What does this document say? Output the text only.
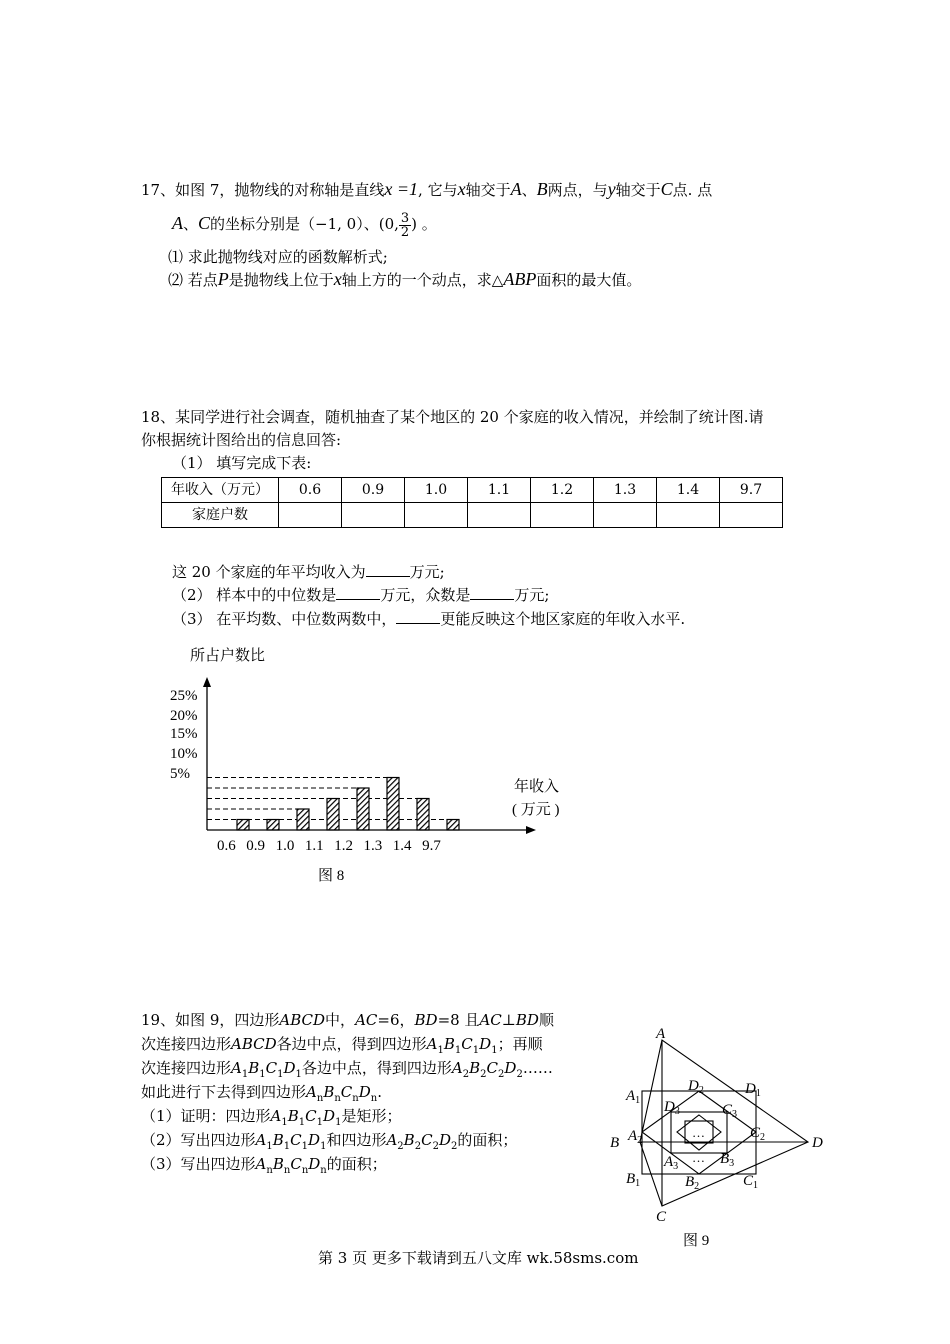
17、如图 7，抛物线的对称轴是直线x =1, 它与x轴交于A、B两点，与y轴交于C点. 点
A、C的坐标分别是（−1, 0）、(0, $\frac{3}{2}$ ) 。
⑴ 求此抛物线对应的函数解析式;
⑵ 若点P是抛物线上位于x轴上方的一个动点，求△ABP面积的最大值。
18、某同学进行社会调查，随机抽查了某个地区的 20 个家庭的收入情况，并绘制了统计图.请
你根据统计图给出的信息回答:
（1） 填写完成下表:
年收入（万元）	0.6	0.9	1.0	1.1	1.2	1.3	1.4	9.7
家庭户数								
这 20 个家庭的年平均收入为	万元;
（2） 样本中的中位数是	万元，众数是	万元;
（3） 在平均数、中位数两数中，	更能反映这个地区家庭的年收入水平.
所占户数比
25%
20%
15%
10%
5%
0.6 0.9 1.0 1.1 1.2 1.3 1.4 9.7
年收入
( 万元 )
图 8
19、如图 9，四边形ABCD中，AC=6，BD=8 且AC⊥BD顺
次连接四边形ABCD各边中点，得到四边形$A_1B_1C_1D_1$；再顺
次连接四边形$A_1B_1C_1D_1$各边中点，得到四边形$A_2B_2C_2D_2\dots\dots$
如此进行下去得到四边形$A_nB_nC_nD_n$.
（1）证明：四边形$A_1B_1C_1D_1$是矩形；
（2）写出四边形$A_1B_1C_1D_1$和四边形$A_2B_2C_2D_2$的面积；
（3）写出四边形$A_nB_nC_nD_n$的面积；
A
B
C
D
$A_1$
$B_1$	$C_1$
$D_1$
$A_2$
$B_2$
$C_2$
$D_2$
$A_3$	$B_3$
$C_3$
$D_3$
…
…
图 9
第 3 页 更多下载请到五八文库 wk.58sms.com
